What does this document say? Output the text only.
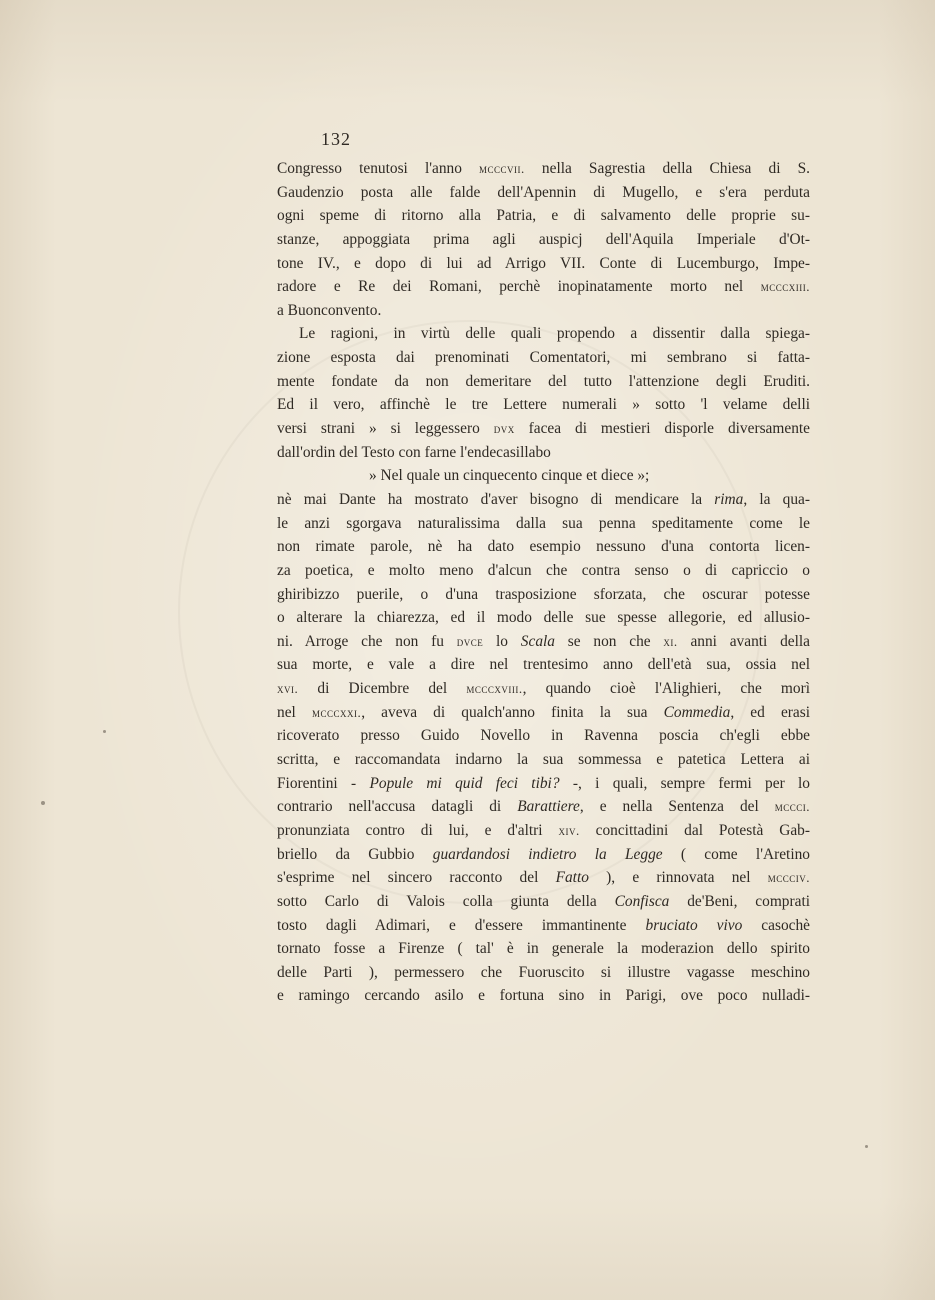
132
Congresso tenutosi l'anno mcccvii. nella Sagrestia della Chiesa di S.
Gaudenzio posta alle falde dell'Apennin di Mugello, e s'era perduta
ogni speme di ritorno alla Patria, e di salvamento delle proprie su-
stanze, appoggiata prima agli auspicj dell'Aquila Imperiale d'Ot-
tone IV., e dopo di lui ad Arrigo VII. Conte di Lucemburgo, Impe-
radore e Re dei Romani, perchè inopinatamente morto nel mcccxiii.
a Buonconvento.
Le ragioni, in virtù delle quali propendo a dissentir dalla spiega-
zione esposta dai prenominati Comentatori, mi sembrano si fatta-
mente fondate da non demeritare del tutto l'attenzione degli Eruditi.
Ed il vero, affinchè le tre Lettere numerali » sotto 'l velame delli
versi strani » si leggessero dvx facea di mestieri disporle diversamente
dall'ordin del Testo con farne l'endecasillabo
» Nel quale un cinquecento cinque et diece »;
nè mai Dante ha mostrato d'aver bisogno di mendicare la rima, la qua-
le anzi sgorgava naturalissima dalla sua penna speditamente come le
non rimate parole, nè ha dato esempio nessuno d'una contorta licen-
za poetica, e molto meno d'alcun che contra senso o di capriccio o
ghiribizzo puerile, o d'una trasposizione sforzata, che oscurar potesse
o alterare la chiarezza, ed il modo delle sue spesse allegorie, ed allusio-
ni. Arroge che non fu dvce lo Scala se non che xi. anni avanti della
sua morte, e vale a dire nel trentesimo anno dell'età sua, ossia nel
xvi. di Dicembre del mcccxviii., quando cioè l'Alighieri, che morì
nel mcccxxi., aveva di qualch'anno finita la sua Commedia, ed erasi
ricoverato presso Guido Novello in Ravenna poscia ch'egli ebbe
scritta, e raccomandata indarno la sua sommessa e patetica Lettera ai
Fiorentini - Popule mi quid feci tibi? -, i quali, sempre fermi per lo
contrario nell'accusa datagli di Barattiere, e nella Sentenza del mccci.
pronunziata contro di lui, e d'altri xiv. concittadini dal Potestà Gab-
briello da Gubbio guardandosi indietro la Legge ( come l'Aretino
s'esprime nel sincero racconto del Fatto ), e rinnovata nel mccciv.
sotto Carlo di Valois colla giunta della Confisca de'Beni, comprati
tosto dagli Adimari, e d'essere immantinente bruciato vivo casochè
tornato fosse a Firenze ( tal' è in generale la moderazion dello spirito
delle Parti ), permessero che Fuoruscito si illustre vagasse meschino
e ramingo cercando asilo e fortuna sino in Parigi, ove poco nulladi-
